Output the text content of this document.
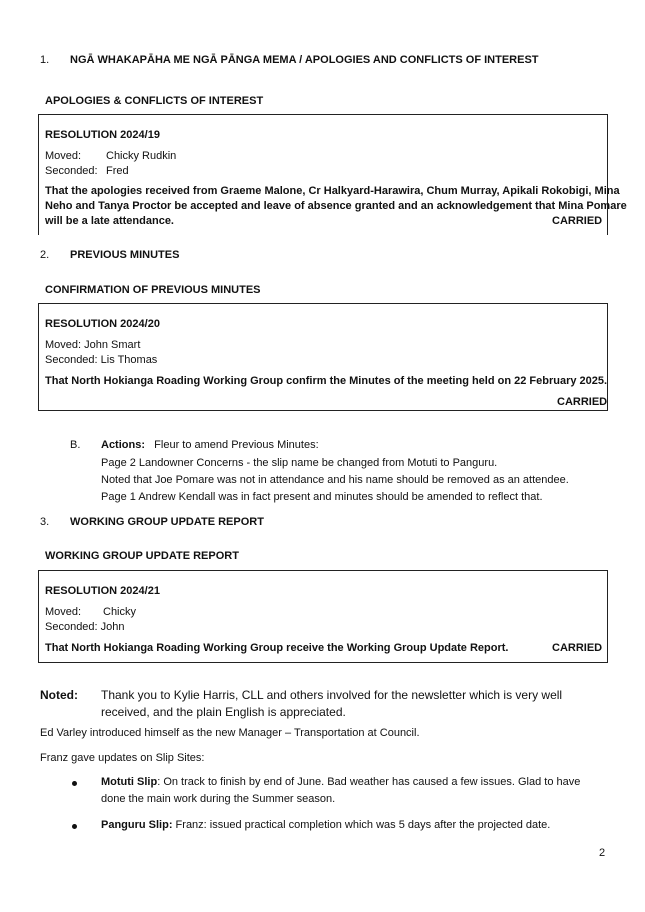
1. NGĀ WHAKAPĀHA ME NGĀ PĀNGA MEMA / APOLOGIES AND CONFLICTS OF INTEREST
APOLOGIES & CONFLICTS OF INTEREST
RESOLUTION 2024/19
Moved: Chicky Rudkin
Seconded: Fred
That the apologies received from Graeme Malone, Cr Halkyard-Harawira, Chum Murray, Apikali Rokobigi, Mina
Neho and Tanya Proctor be accepted and leave of absence granted and an acknowledgement that Mina Pomare
will be a late attendance.	CARRIED
2. PREVIOUS MINUTES
CONFIRMATION OF PREVIOUS MINUTES
RESOLUTION 2024/20
Moved: John Smart
Seconded: Lis Thomas
That North Hokianga Roading Working Group confirm the Minutes of the meeting held on 22 February 2025.
CARRIED
B. Actions: Fleur to amend Previous Minutes:
Page 2 Landowner Concerns - the slip name be changed from Motuti to Panguru.
Noted that Joe Pomare was not in attendance and his name should be removed as an attendee.
Page 1 Andrew Kendall was in fact present and minutes should be amended to reflect that.
3. WORKING GROUP UPDATE REPORT
WORKING GROUP UPDATE REPORT
RESOLUTION 2024/21
Moved: Chicky
Seconded: John
That North Hokianga Roading Working Group receive the Working Group Update Report.	CARRIED
Noted: Thank you to Kylie Harris, CLL and others involved for the newsletter which is very well
received, and the plain English is appreciated.
Ed Varley introduced himself as the new Manager – Transportation at Council.
Franz gave updates on Slip Sites:
Motuti Slip: On track to finish by end of June. Bad weather has caused a few issues. Glad to have
done the main work during the Summer season.
Panguru Slip: Franz: issued practical completion which was 5 days after the projected date.
2
